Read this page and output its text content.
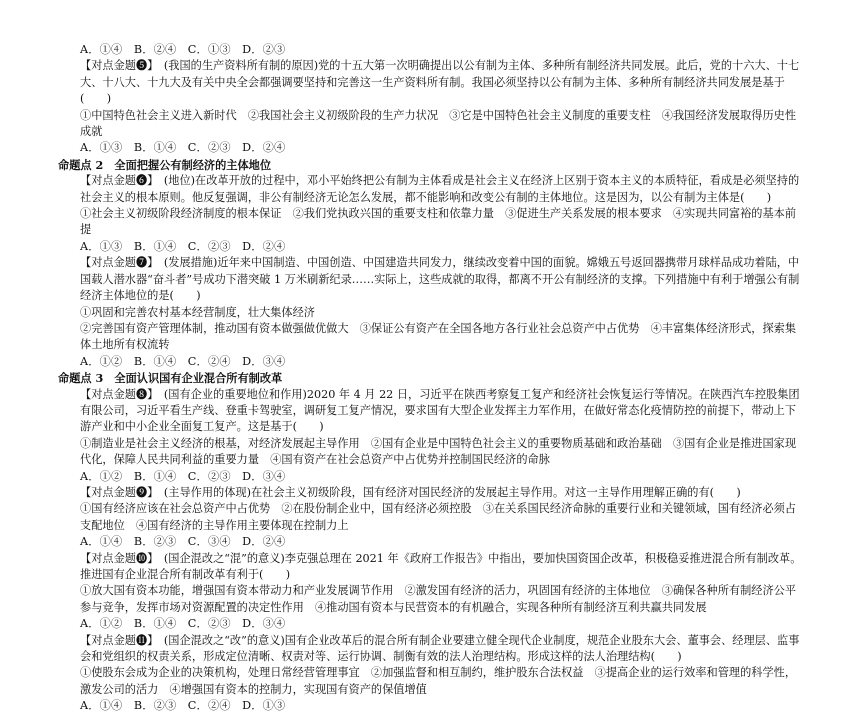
A．①④　B．②④　C．①③　D．②③
【对点金题❺】　(我国的生产资料所有制的原因)党的十五大第一次明确提出以公有制为主体、多种所有制经济共同发展。此后，党的十六大、十七大、十八大、十九大及有关中央全会都强调要坚持和完善这一生产资料所有制。我国必须坚持以公有制为主体、多种所有制经济共同发展是基于(　　)
①中国特色社会主义进入新时代　②我国社会主义初级阶段的生产力状况　③它是中国特色社会主义制度的重要支柱　④我国经济发展取得历史性成就
A．①③　B．①④　C．②③　D．②④
命题点 2　全面把握公有制经济的主体地位
【对点金题❻】　(地位)在改革开放的过程中，邓小平始终把公有制为主体看成是社会主义在经济上区别于资本主义的本质特征，看成是必须坚持的社会主义的根本原则。他反复强调，非公有制经济无论怎么发展，都不能影响和改变公有制的主体地位。这是因为，以公有制为主体是(　　)
①社会主义初级阶段经济制度的根本保证　②我们党执政兴国的重要支柱和依靠力量　③促进生产关系发展的根本要求　④实现共同富裕的基本前提
A．①③　B．①④　C．②③　D．②④
【对点金题❼】　(发展措施)近年来中国制造、中国创造、中国建造共同发力，继续改变着中国的面貌。嫦娥五号返回器携带月球样品成功着陆，中国载人潜水器“奋斗者”号成功下潜突破 1 万米刷新纪录……实际上，这些成就的取得，都离不开公有制经济的支撑。下列措施中有利于增强公有制经济主体地位的是(　　)
①巩固和完善农村基本经营制度，壮大集体经济
②完善国有资产管理体制，推动国有资本做强做优做大　③保证公有资产在全国各地方各行业社会总资产中占优势　④丰富集体经济形式，探索集体土地所有权流转
A．①②　B．①④　C．②④　D．③④
命题点 3　全面认识国有企业混合所有制改革
【对点金题❽】　(国有企业的重要地位和作用)2020 年 4 月 22 日，习近平在陕西考察复工复产和经济社会恢复运行等情况。在陕西汽车控股集团有限公司，习近平看生产线、登重卡驾驶室，调研复工复产情况，要求国有大型企业发挥主力军作用，在做好常态化疫情防控的前提下，带动上下游产业和中小企业全面复工复产。这是基于(　　)
①制造业是社会主义经济的根基，对经济发展起主导作用　②国有企业是中国特色社会主义的重要物质基础和政治基础　③国有企业是推进国家现代化，保障人民共同利益的重要力量　④国有资产在社会总资产中占优势并控制国民经济的命脉
A．①②　B．①④　C．②③　D．③④
【对点金题❾】　(主导作用的体现)在社会主义初级阶段，国有经济对国民经济的发展起主导作用。对这一主导作用理解正确的有(　　)
①国有经济应该在社会总资产中占优势　②在股份制企业中，国有经济必须控股　③在关系国民经济命脉的重要行业和关键领域，国有经济必须占支配地位　④国有经济的主导作用主要体现在控制力上
A．①④　B．②③　C．③④　D．②④
【对点金题❿】　(国企混改之“混”的意义)李克强总理在 2021 年《政府工作报告》中指出，要加快国资国企改革，积极稳妥推进混合所有制改革。推进国有企业混合所有制改革有利于(　　)
①放大国有资本功能，增强国有资本带动力和产业发展调节作用　②激发国有经济的活力，巩固国有经济的主体地位　③确保各种所有制经济公平参与竞争，发挥市场对资源配置的决定性作用　④推动国有资本与民营资本的有机融合，实现各种所有制经济互利共赢共同发展
A．①②　B．①④　C．②③　D．③④
【对点金题⓫】　(国企混改之“改”的意义)国有企业改革后的混合所有制企业要建立健全现代企业制度，规范企业股东大会、董事会、经理层、监事会和党组织的权责关系，形成定位清晰、权责对等、运行协调、制衡有效的法人治理结构。形成这样的法人治理结构(　　)
①使股东会成为企业的决策机构，处理日常经营管理事宜　②加强监督和相互制约，维护股东合法权益　③提高企业的运行效率和管理的科学性，激发公司的活力　④增强国有资本的控制力，实现国有资产的保值增值
A．①④　B．②③　C．②④　D．①③
